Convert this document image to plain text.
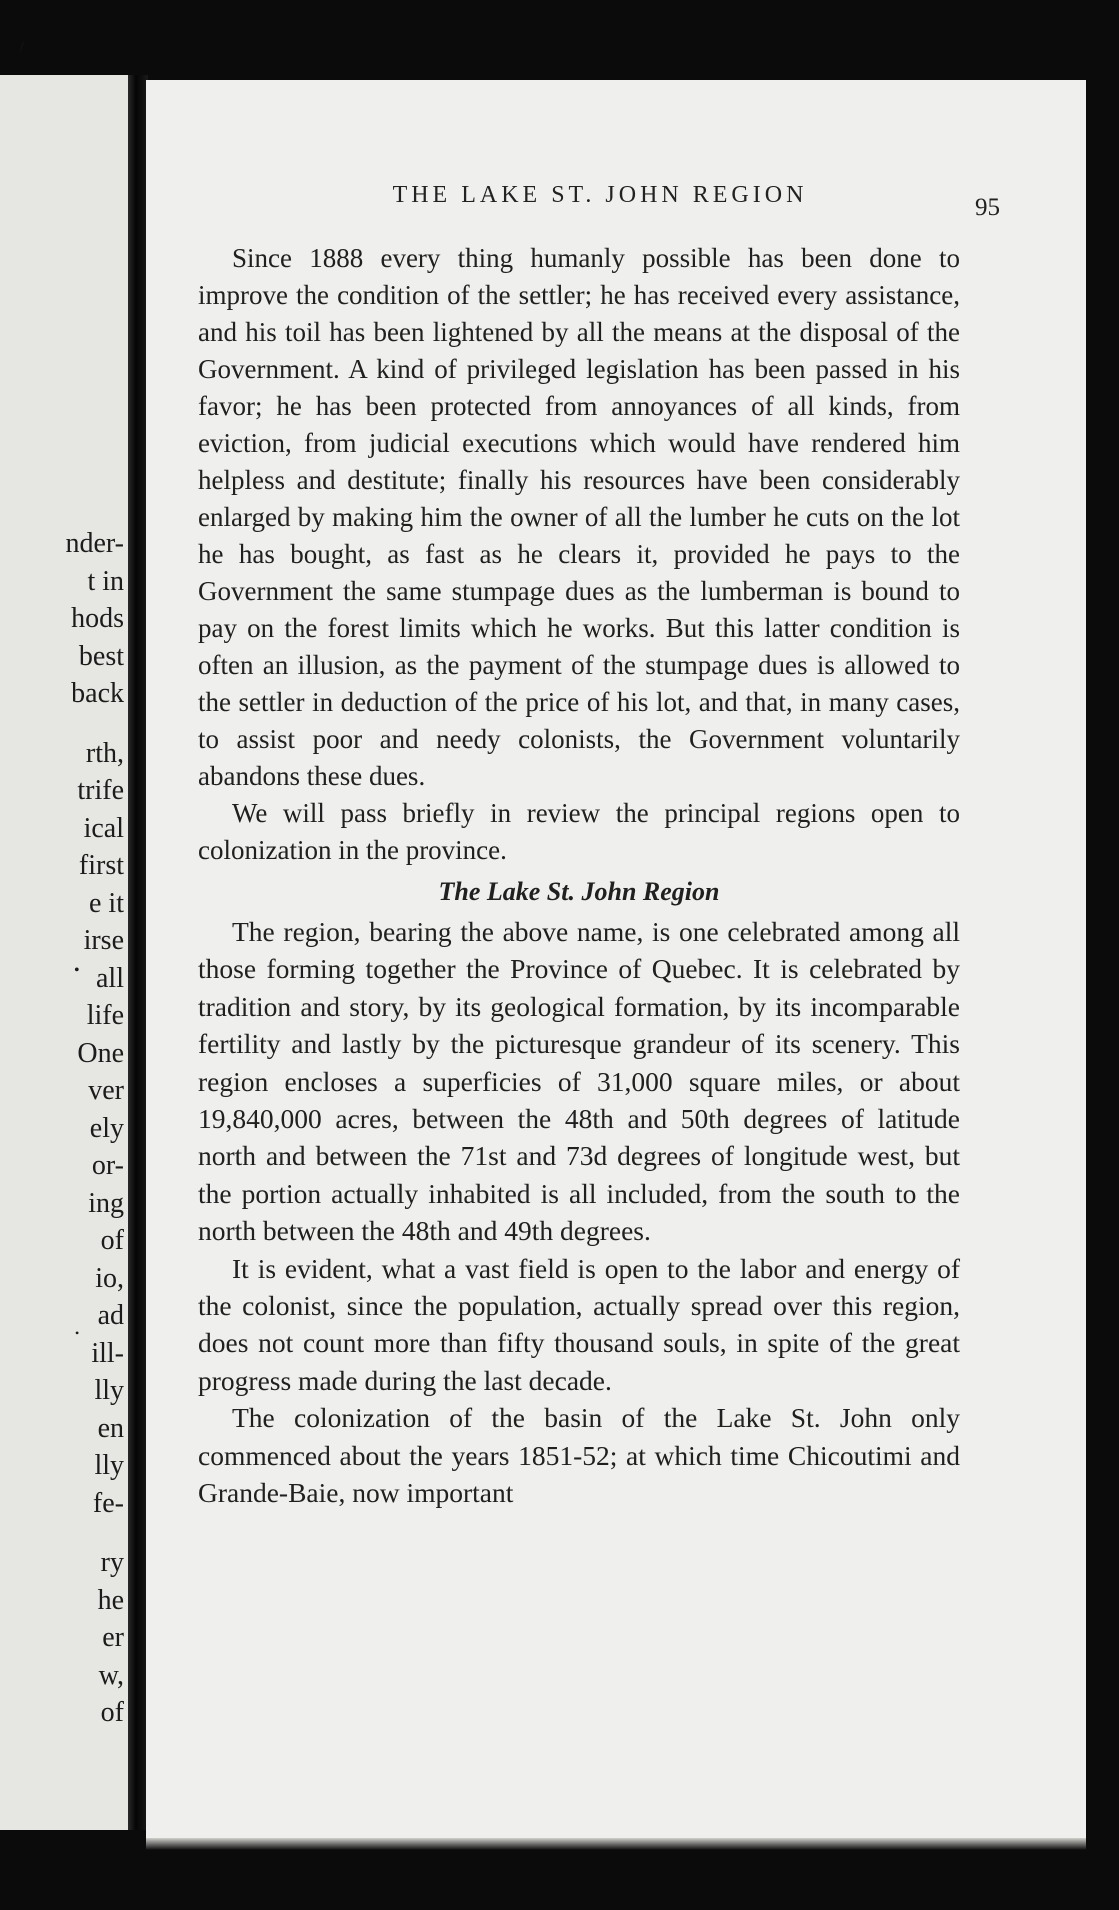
nder-
t in
hods
best
back
rth,
trife
ical
first
e it
irse
all
life
One
ver
ely
or-
ing
of
io,
ad
ill-
lly
en
lly
fe-
ry
he
er
w,
of
/
•
•
THE LAKE ST. JOHN REGION	95

Since 1888 every thing humanly possible has been done to improve the condition of the settler; he has received every assistance, and his toil has been lightened by all the means at the disposal of the Government. A kind of privileged legislation has been passed in his favor; he has been protected from annoyances of all kinds, from eviction, from judicial executions which would have rendered him helpless and destitute; finally his resources have been considerably enlarged by making him the owner of all the lumber he cuts on the lot he has bought, as fast as he clears it, provided he pays to the Government the same stumpage dues as the lumberman is bound to pay on the forest limits which he works. But this latter condition is often an illusion, as the payment of the stumpage dues is allowed to the settler in deduction of the price of his lot, and that, in many cases, to assist poor and needy colonists, the Government voluntarily abandons these dues.

We will pass briefly in review the principal regions open to colonization in the province.

The Lake St. John Region

The region, bearing the above name, is one celebrated among all those forming together the Province of Quebec. It is celebrated by tradition and story, by its geological formation, by its incomparable fertility and lastly by the picturesque grandeur of its scenery. This region encloses a superficies of 31,000 square miles, or about 19,840,000 acres, between the 48th and 50th degrees of latitude north and between the 71st and 73d degrees of longitude west, but the portion actually inhabited is all included, from the south to the north between the 48th and 49th degrees.

It is evident, what a vast field is open to the labor and energy of the colonist, since the population, actually spread over this region, does not count more than fifty thousand souls, in spite of the great progress made during the last decade.

The colonization of the basin of the Lake St. John only commenced about the years 1851-52; at which time Chicoutimi and Grande-Baie, now important
